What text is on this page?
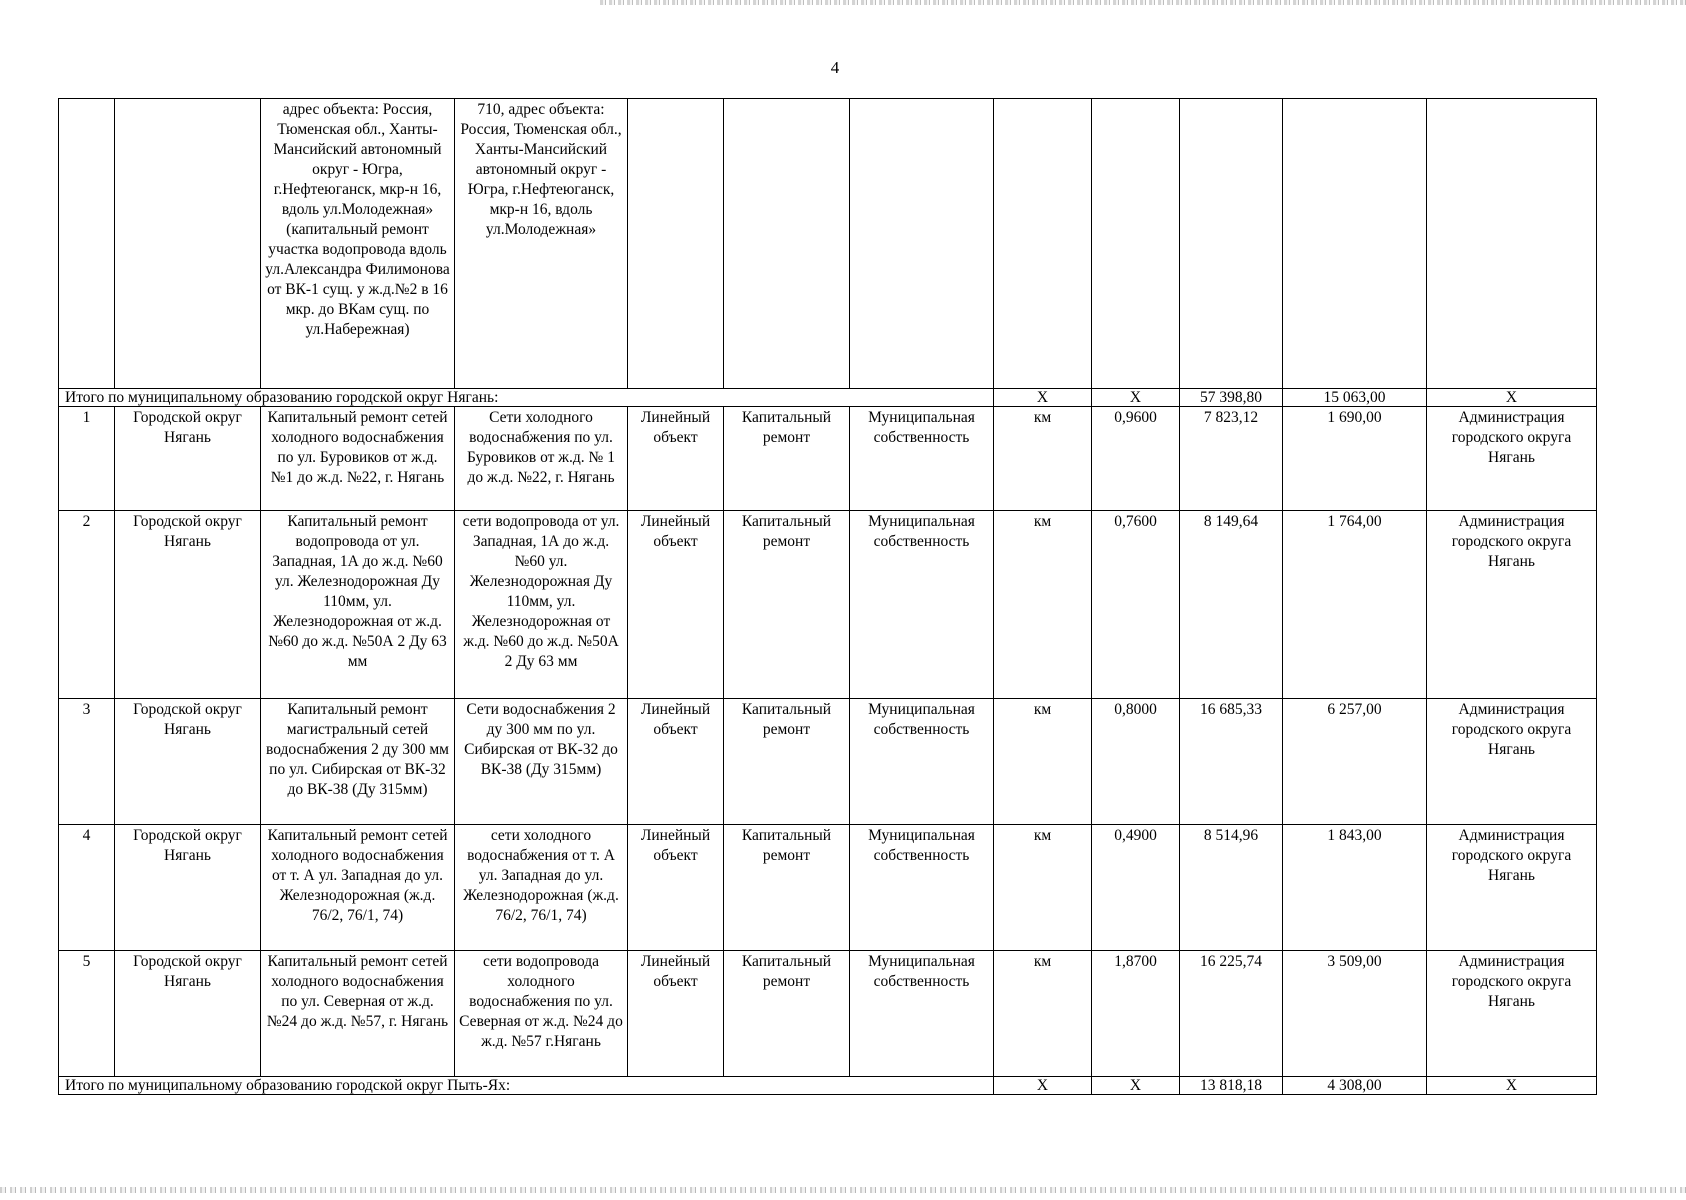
4
		адрес объекта: Россия, Тюменская обл., Ханты-Мансийский автономный округ - Югра, г.Нефтеюганск, мкр-н 16, вдоль ул.Молодежная» (капитальный ремонт участка водопровода вдоль ул.Александра Филимонова от ВК-1 сущ. у ж.д.№2 в 16 мкр. до ВКам сущ. по ул.Набережная)	710, адрес объекта: Россия, Тюменская обл., Ханты-Мансийский автономный округ - Югра, г.Нефтеюганск, мкр-н 16, вдоль ул.Молодежная»								
Итого по муниципальному образованию городской округ Нягань:							Х	Х	57 398,80	15 063,00	Х
1	Городской округ Нягань	Капитальный ремонт сетей холодного водоснабжения по ул. Буровиков от ж.д. №1 до ж.д. №22, г. Нягань	Сети холодного водоснабжения по ул. Буровиков от ж.д. № 1 до ж.д. №22, г. Нягань	Линейный объект	Капитальный ремонт	Муниципальная собственность	км	0,9600	7 823,12	1 690,00	Администрация городского округа Нягань
2	Городской округ Нягань	Капитальный ремонт водопровода от ул. Западная, 1А до ж.д. №60 ул. Железнодорожная Ду 110мм, ул. Железнодорожная от ж.д. №60 до ж.д. №50А 2 Ду 63 мм	сети водопровода от ул. Западная, 1А до ж.д. №60 ул. Железнодорожная Ду 110мм, ул. Железнодорожная от ж.д. №60 до ж.д. №50А 2 Ду 63 мм	Линейный объект	Капитальный ремонт	Муниципальная собственность	км	0,7600	8 149,64	1 764,00	Администрация городского округа Нягань
3	Городской округ Нягань	Капитальный ремонт магистральный сетей водоснабжения 2 ду 300 мм по ул. Сибирская от ВК-32 до ВК-38 (Ду 315мм)	Сети водоснабжения 2 ду 300 мм по ул. Сибирская от ВК-32 до ВК-38 (Ду 315мм)	Линейный объект	Капитальный ремонт	Муниципальная собственность	км	0,8000	16 685,33	6 257,00	Администрация городского округа Нягань
4	Городской округ Нягань	Капитальный ремонт сетей холодного водоснабжения от т. А ул. Западная до ул. Железнодорожная (ж.д. 76/2, 76/1, 74)	сети холодного водоснабжения от т. А ул. Западная до ул. Железнодорожная (ж.д. 76/2, 76/1, 74)	Линейный объект	Капитальный ремонт	Муниципальная собственность	км	0,4900	8 514,96	1 843,00	Администрация городского округа Нягань
5	Городской округ Нягань	Капитальный ремонт сетей холодного водоснабжения по ул. Северная от ж.д. №24 до ж.д. №57, г. Нягань	сети водопровода холодного водоснабжения по ул. Северная от ж.д. №24 до ж.д. №57 г.Нягань	Линейный объект	Капитальный ремонт	Муниципальная собственность	км	1,8700	16 225,74	3 509,00	Администрация городского округа Нягань
Итого по муниципальному образованию городской округ Пыть-Ях:							Х	Х	13 818,18	4 308,00	Х
